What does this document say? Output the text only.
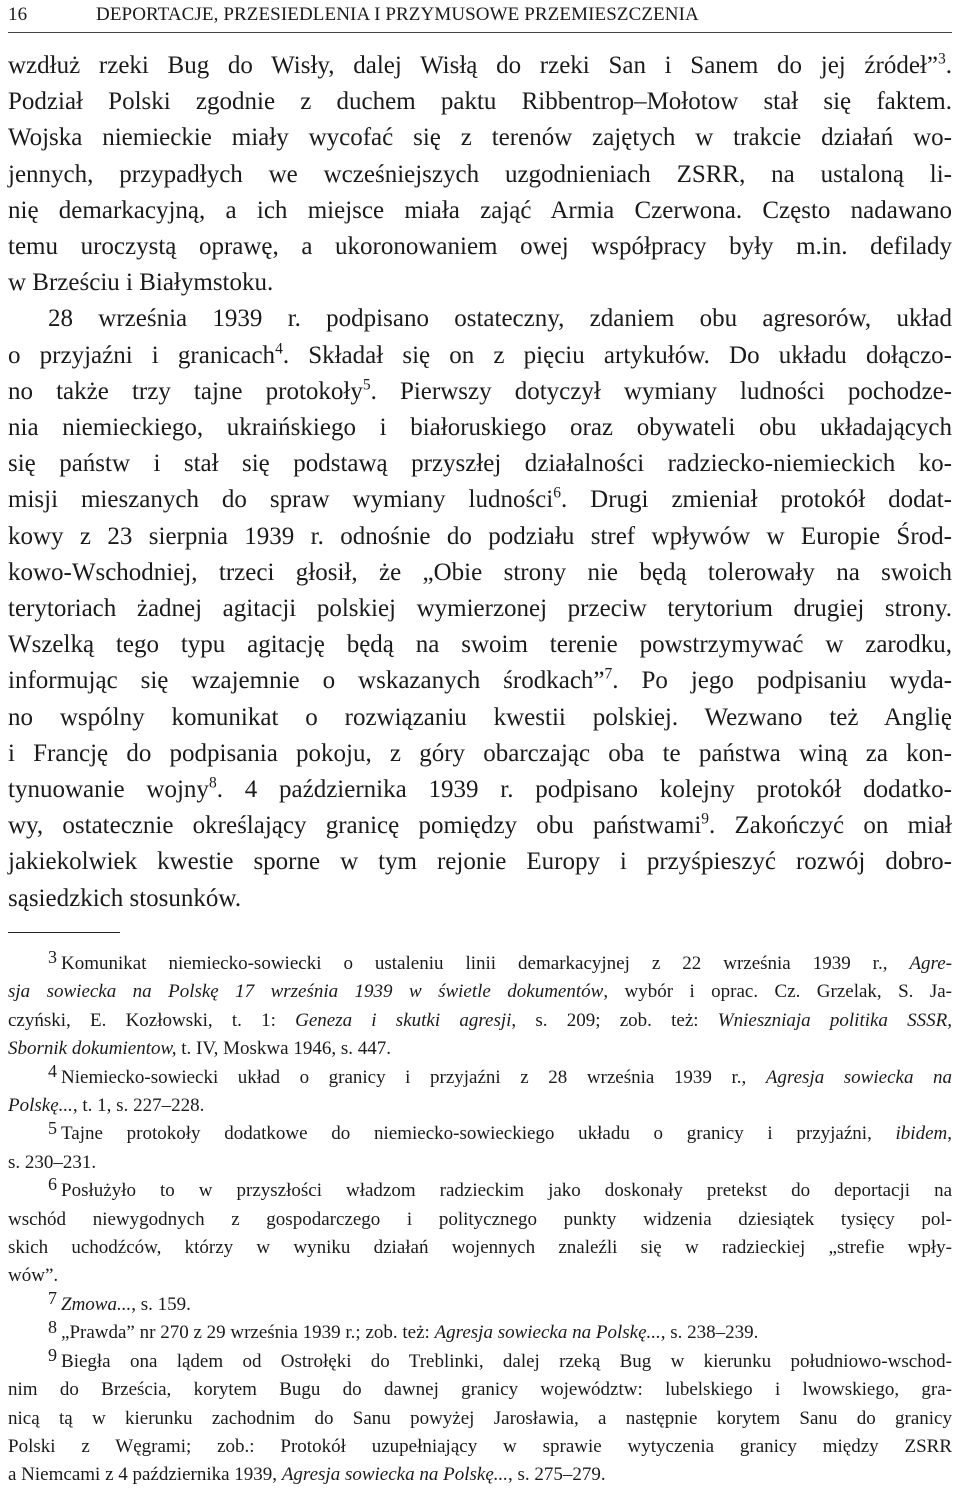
16	DEPORTACJE, PRZESIEDLENIA I PRZYMUSOWE PRZEMIESZCZENIA

wzdłuż rzeki Bug do Wisły, dalej Wisłą do rzeki San i Sanem do jej źródeł”$^3$.

Podział Polski zgodnie z duchem paktu Ribbentrop–Mołotow stał się faktem.

Wojska niemieckie miały wycofać się z terenów zajętych w trakcie działań wo-

jennych, przypadłych we wcześniejszych uzgodnieniach ZSRR, na ustaloną li-

nię demarkacyjną, a ich miejsce miała zająć Armia Czerwona. Często nadawano

temu uroczystą oprawę, a ukoronowaniem owej współpracy były m.in. defilady

w Brześciu i Białymstoku.

28 września 1939 r. podpisano ostateczny, zdaniem obu agresorów, układ

o przyjaźni i granicach$^4$. Składał się on z pięciu artykułów. Do układu dołączo-

no także trzy tajne protokoły$^5$. Pierwszy dotyczył wymiany ludności pochodze-

nia niemieckiego, ukraińskiego i białoruskiego oraz obywateli obu układających

się państw i stał się podstawą przyszłej działalności radziecko-niemieckich ko-

misji mieszanych do spraw wymiany ludności$^6$. Drugi zmieniał protokół dodat-

kowy z 23 sierpnia 1939 r. odnośnie do podziału stref wpływów w Europie Środ-

kowo-Wschodniej, trzeci głosił, że „Obie strony nie będą tolerowały na swoich

terytoriach żadnej agitacji polskiej wymierzonej przeciw terytorium drugiej strony.

Wszelką tego typu agitację będą na swoim terenie powstrzymywać w zarodku,

informując się wzajemnie o wskazanych środkach”$^7$. Po jego podpisaniu wyda-

no wspólny komunikat o rozwiązaniu kwestii polskiej. Wezwano też Anglię

i Francję do podpisania pokoju, z góry obarczając oba te państwa winą za kon-

tynuowanie wojny$^8$. 4 października 1939 r. podpisano kolejny protokół dodatko-

wy, ostatecznie określający granicę pomiędzy obu państwami$^9$. Zakończyć on miał

jakiekolwiek kwestie sporne w tym rejonie Europy i przyśpieszyć rozwój dobro-

sąsiedzkich stosunków.

3 Komunikat niemiecko-sowiecki o ustaleniu linii demarkacyjnej z 22 września 1939 r., Agre-

sja sowiecka na Polskę 17 września 1939 w świetle dokumentów, wybór i oprac. Cz. Grzelak, S. Ja-

czyński, E. Kozłowski, t. 1: Geneza i skutki agresji, s. 209; zob. też: Wnieszniaja politika SSSR,

Sbornik dokumientow, t. IV, Moskwa 1946, s. 447.

4 Niemiecko-sowiecki układ o granicy i przyjaźni z 28 września 1939 r., Agresja sowiecka na

Polskę..., t. 1, s. 227–228.

5 Tajne protokoły dodatkowe do niemiecko-sowieckiego układu o granicy i przyjaźni, ibidem,

s. 230–231.

6 Posłużyło to w przyszłości władzom radzieckim jako doskonały pretekst do deportacji na

wschód niewygodnych z gospodarczego i politycznego punkty widzenia dziesiątek tysięcy pol-

skich uchodźców, którzy w wyniku działań wojennych znaleźli się w radzieckiej „strefie wpły-

wów”.

7 Zmowa..., s. 159.

8 „Prawda” nr 270 z 29 września 1939 r.; zob. też: Agresja sowiecka na Polskę..., s. 238–239.

9 Biegła ona lądem od Ostrołęki do Treblinki, dalej rzeką Bug w kierunku południowo-wschod-

nim do Brześcia, korytem Bugu do dawnej granicy województw: lubelskiego i lwowskiego, gra-

nicą tą w kierunku zachodnim do Sanu powyżej Jarosławia, a następnie korytem Sanu do granicy

Polski z Węgrami; zob.: Protokół uzupełniający w sprawie wytyczenia granicy między ZSRR

a Niemcami z 4 października 1939, Agresja sowiecka na Polskę..., s. 275–279.
